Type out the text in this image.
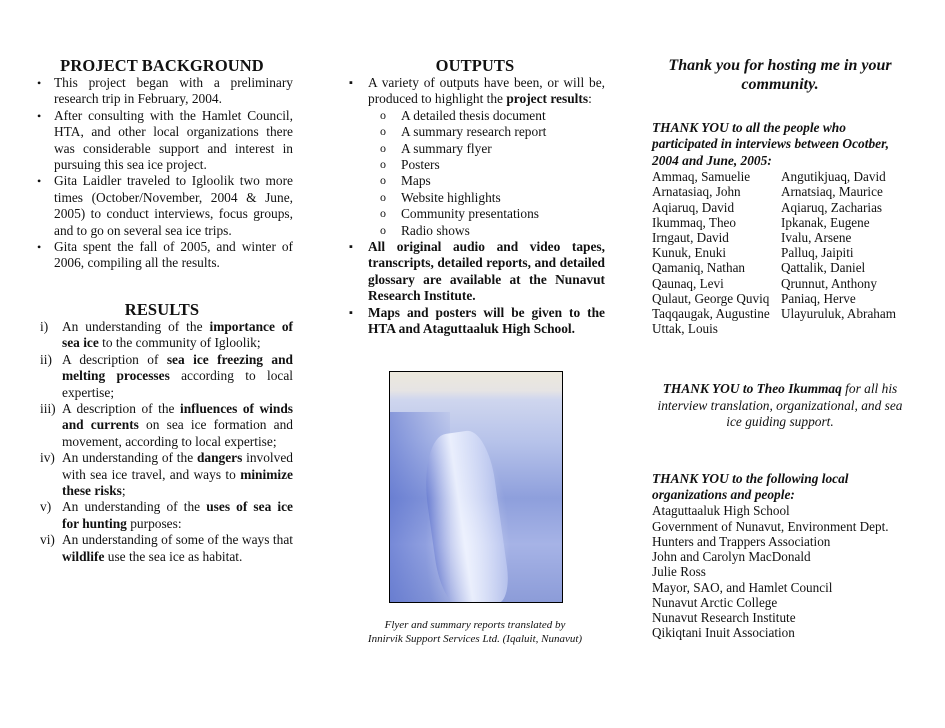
PROJECT BACKGROUND
• This project began with a preliminary research trip in February, 2004.
• After consulting with the Hamlet Council, HTA, and other local organizations there was considerable support and interest in pursuing this sea ice project.
• Gita Laidler traveled to Igloolik two more times (October/November, 2004 & June, 2005) to conduct interviews, focus groups, and to go on several sea ice trips.
• Gita spent the fall of 2005, and winter of 2006, compiling all the results.
RESULTS
i) An understanding of the importance of sea ice to the community of Igloolik;
ii) A description of sea ice freezing and melting processes according to local expertise;
iii) A description of the influences of winds and currents on sea ice formation and movement, according to local expertise;
iv) An understanding of the dangers involved with sea ice travel, and ways to minimize these risks;
v) An understanding of the uses of sea ice for hunting purposes:
vi) An understanding of some of the ways that wildlife use the sea ice as habitat.
OUTPUTS
▪ A variety of outputs have been, or will be, produced to highlight the project results:
o A detailed thesis document
o A summary research report
o A summary flyer
o Posters
o Maps
o Website highlights
o Community presentations
o Radio shows
▪ All original audio and video tapes, transcripts, detailed reports, and detailed glossary are available at the Nunavut Research Institute.
▪ Maps and posters will be given to the HTA and Ataguttaaluk High School.
Flyer and summary reports translated by
Innirvik Support Services Ltd. (Iqaluit, Nunavut)
Thank you for hosting me in your
community.
THANK YOU to all the people who participated in interviews between Ocotber, 2004 and June, 2005:
Ammaq, Samuelie	Angutikjuaq, David
Arnatasiaq, John	Arnatsiaq, Maurice
Aqiaruq, David	Aqiaruq, Zacharias
Ikummaq, Theo	Ipkanak, Eugene
Irngaut, David	Ivalu, Arsene
Kunuk, Enuki	Palluq, Jaipiti
Qamaniq, Nathan	Qattalik, Daniel
Qaunaq, Levi	Qrunnut, Anthony
Qulaut, George Quviq	Paniaq, Herve
Taqqaugak, Augustine	Ulayuruluk, Abraham
Uttak, Louis	
THANK YOU to Theo Ikummaq for all his interview translation, organizational, and sea ice guiding support.
THANK YOU to the following local organizations and people:
Ataguttaaluk High School
Government of Nunavut, Environment Dept.
Hunters and Trappers Association
John and Carolyn MacDonald
Julie Ross
Mayor, SAO, and Hamlet Council
Nunavut Arctic College
Nunavut Research Institute
Qikiqtani Inuit Association
